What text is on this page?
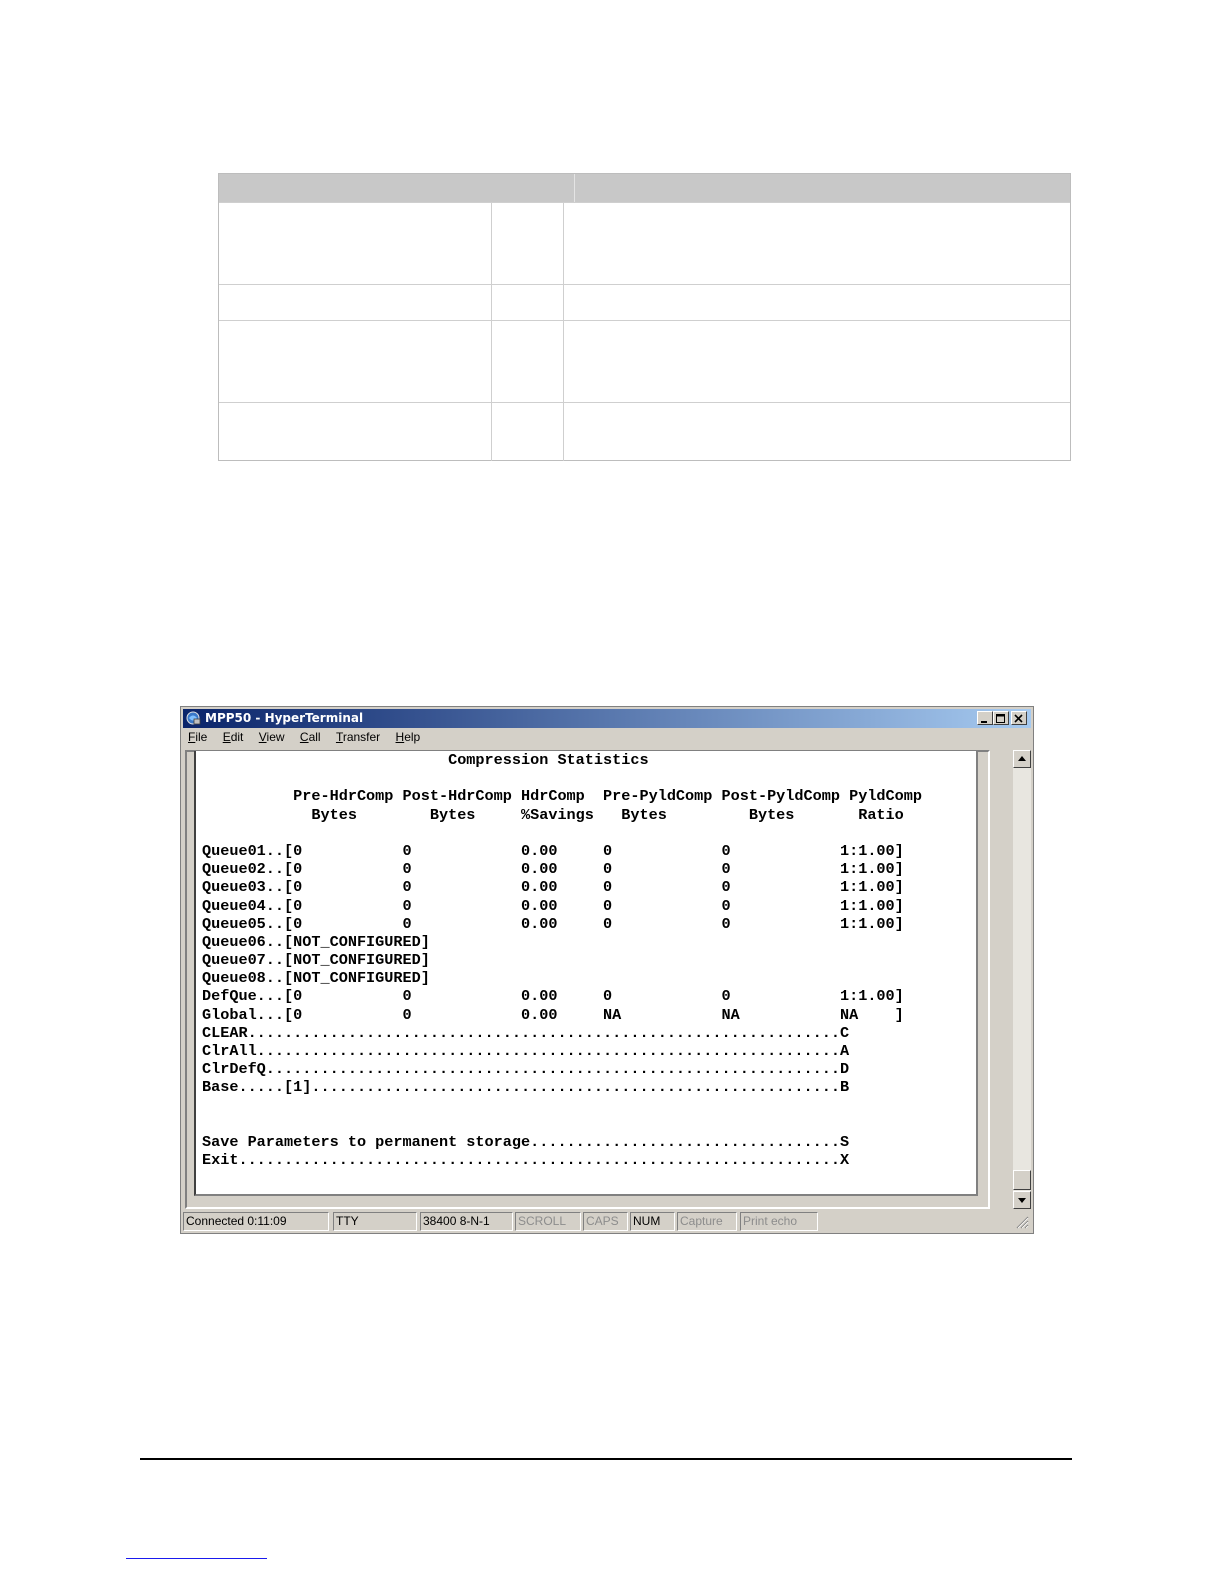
MPP50 - HyperTerminal
File Edit View Call Transfer Help
Compression Statistics
Pre-HdrComp Post-HdrComp HdrComp  Pre-PyldComp Post-PyldComp PyldComp
Bytes        Bytes     %Savings   Bytes         Bytes       Ratio
Queue01..[0           0            0.00     0            0            1:1.00]
Queue02..[0           0            0.00     0            0            1:1.00]
Queue03..[0           0            0.00     0            0            1:1.00]
Queue04..[0           0            0.00     0            0            1:1.00]
Queue05..[0           0            0.00     0            0            1:1.00]
Queue06..[NOT_CONFIGURED]
Queue07..[NOT_CONFIGURED]
Queue08..[NOT_CONFIGURED]
DefQue...[0           0            0.00     0            0            1:1.00]
Global...[0           0            0.00     NA           NA           NA    ]
CLEAR.................................................................C
ClrAll................................................................A
ClrDefQ...............................................................D
Base.....[1]..........................................................B
Save Parameters to permanent storage..................................S
Exit..................................................................X
Connected 0:11:09	TTY	38400 8-N-1	SCROLL	CAPS	NUM	Capture	Print echo
